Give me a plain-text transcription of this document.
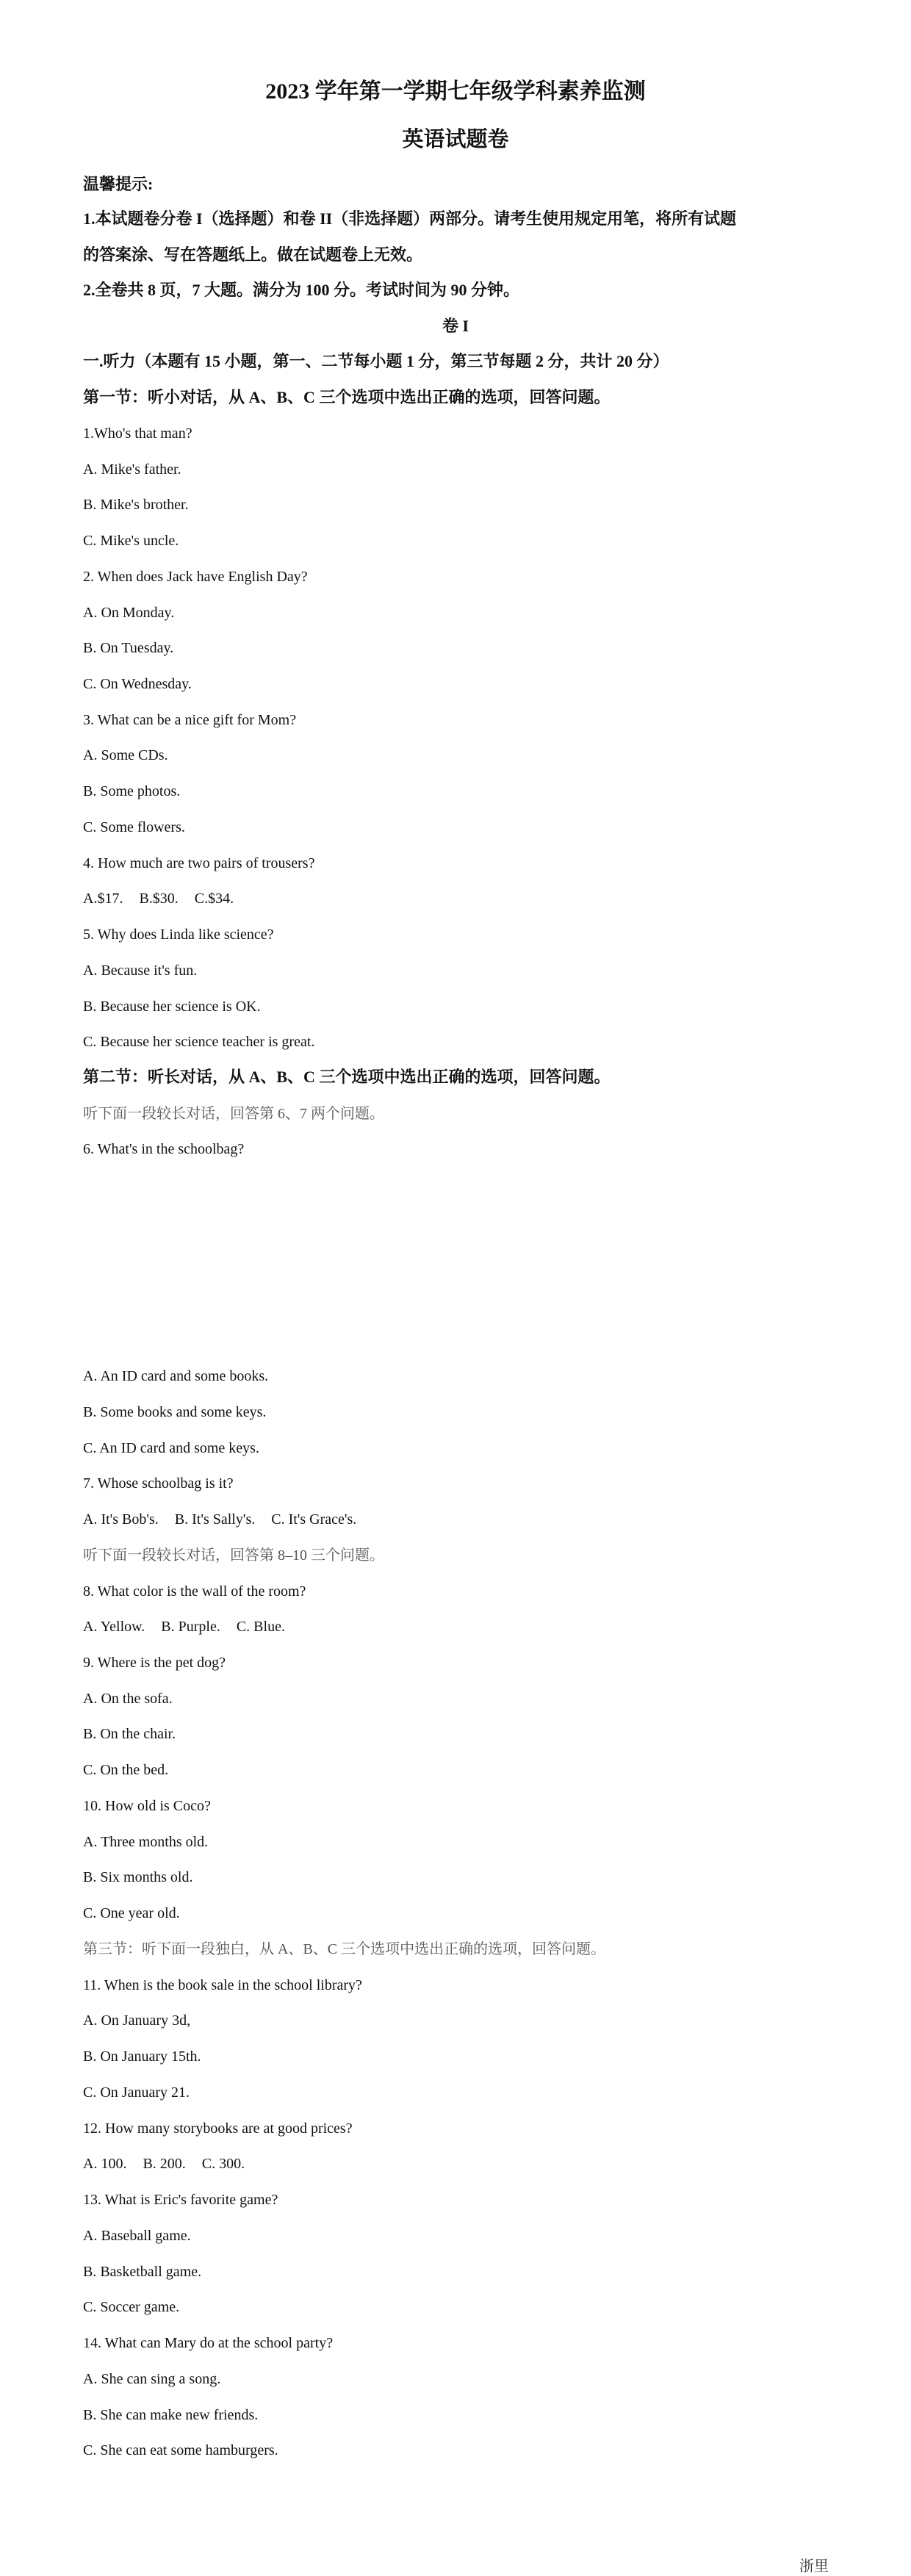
2023 学年第一学期七年级学科素养监测
英语试题卷
温馨提示:
1.本试题卷分卷 I（选择题）和卷 II（非选择题）两部分。请考生使用规定用笔，将所有试题
的答案涂、写在答题纸上。做在试题卷上无效。
2.全卷共 8 页，7 大题。满分为 100 分。考试时间为 90 分钟。
卷 I
一.听力（本题有 15 小题，第一、二节每小题 1 分，第三节每题 2 分，共计 20 分）
第一节：听小对话，从 A、B、C 三个选项中选出正确的选项，回答问题。
1.Who's that man?
A. Mike's father.
B. Mike's brother.
C. Mike's uncle.
2. When does Jack have English Day?
A. On Monday.
B. On Tuesday.
C. On Wednesday.
3. What can be a nice gift for Mom?
A. Some CDs.
B. Some photos.
C. Some flowers.
4. How much are two pairs of trousers?
A.$17. B.$30. C.$34.
5. Why does Linda like science?
A. Because it's fun.
B. Because her science is OK.
C. Because her science teacher is great.
第二节：听长对话，从 A、B、C 三个选项中选出正确的选项，回答问题。
听下面一段较长对话，回答第 6、7 两个问题。
6. What's in the schoolbag?
A. An ID card and some books.
B. Some books and some keys.
C. An ID card and some keys.
7. Whose schoolbag is it?
A. It's Bob's. B. It's Sally's. C. It's Grace's.
听下面一段较长对话，回答第 8–10 三个问题。
8. What color is the wall of the room?
A. Yellow. B. Purple. C. Blue.
9. Where is the pet dog?
A. On the sofa.
B. On the chair.
C. On the bed.
10. How old is Coco?
A. Three months old.
B. Six months old.
C. One year old.
第三节：听下面一段独白，从 A、B、C 三个选项中选出正确的选项，回答问题。
11. When is the book sale in the school library?
A. On January 3d,
B. On January 15th.
C. On January 21.
12. How many storybooks are at good prices?
A. 100. B. 200. C. 300.
13. What is Eric's favorite game?
A. Baseball game.
B. Basketball game.
C. Soccer game.
14. What can Mary do at the school party?
A. She can sing a song.
B. She can make new friends.
C. She can eat some hamburgers.
浙里
